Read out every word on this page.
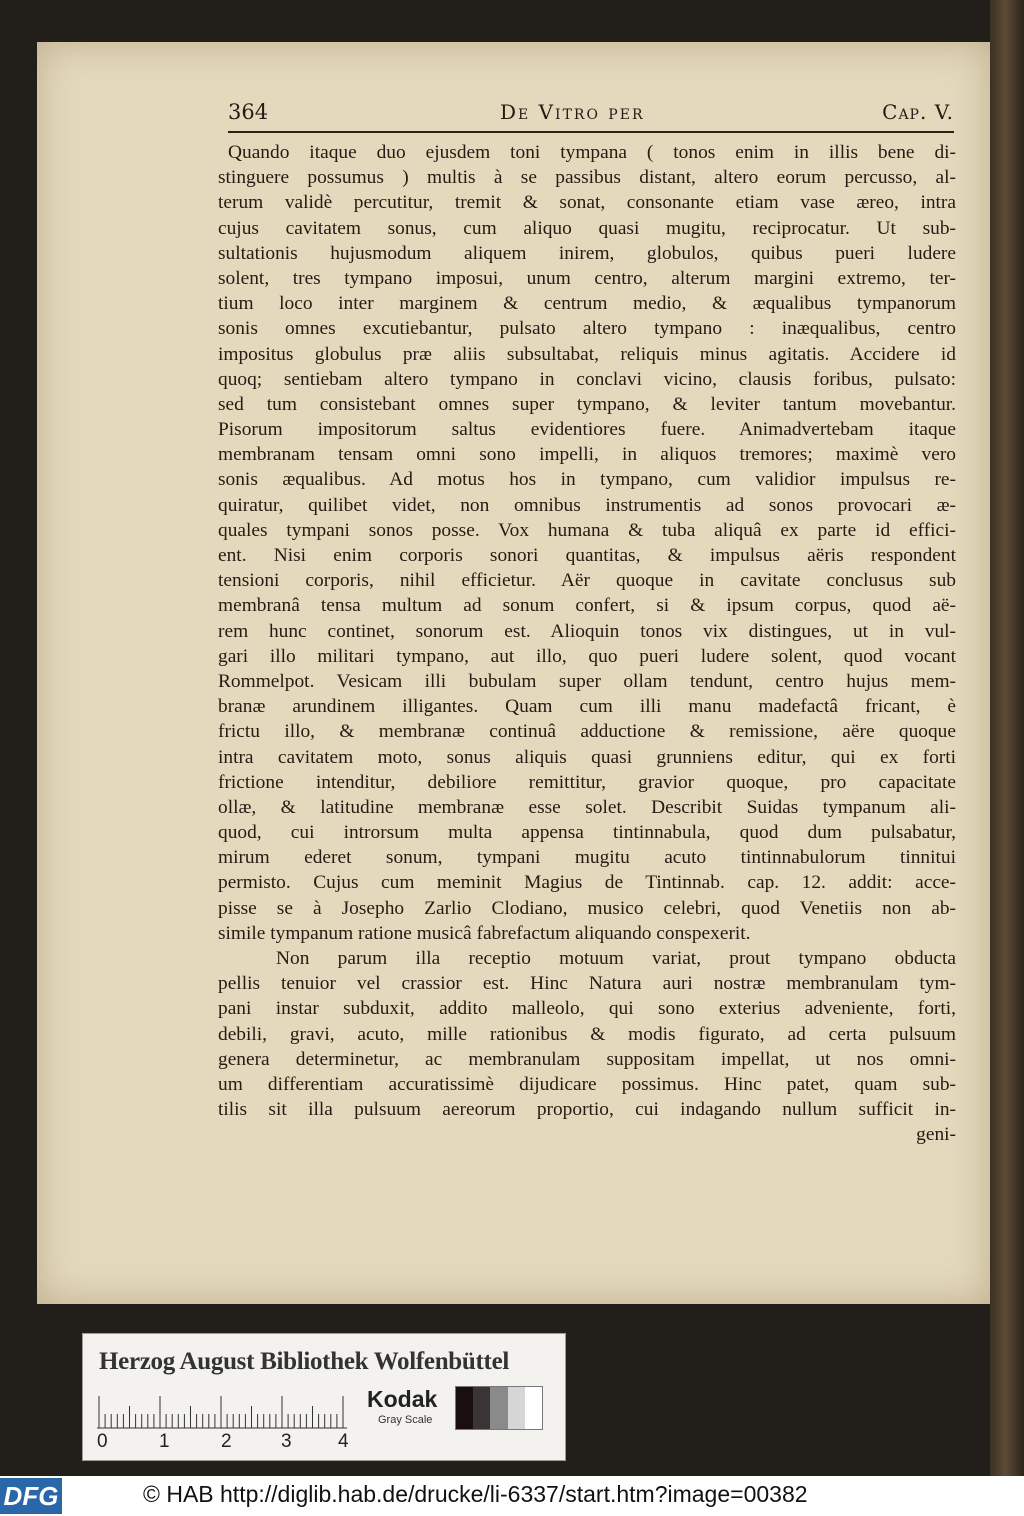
364	De Vitro per	Cap. V.
Quando itaque duo ejusdem toni tympana ( tonos enim in illis bene di-
stinguere possumus ) multis à se passibus distant, altero eorum percusso, al-
terum validè percutitur, tremit & sonat, consonante etiam vase æreo, intra
cujus cavitatem sonus, cum aliquo quasi mugitu, reciprocatur. Ut sub-
sultationis hujusmodum aliquem inirem, globulos, quibus pueri ludere
solent, tres tympano imposui, unum centro, alterum margini extremo, ter-
tium loco inter marginem & centrum medio, & æqualibus tympanorum
sonis omnes excutiebantur, pulsato altero tympano : inæqualibus, centro
impositus globulus præ aliis subsultabat, reliquis minus agitatis. Accidere id
quoq; sentiebam altero tympano in conclavi vicino, clausis foribus, pulsato:
sed tum consistebant omnes super tympano, & leviter tantum movebantur.
Pisorum impositorum saltus evidentiores fuere. Animadvertebam itaque
membranam tensam omni sono impelli, in aliquos tremores; maximè vero
sonis æqualibus. Ad motus hos in tympano, cum validior impulsus re-
quiratur, quilibet videt, non omnibus instrumentis ad sonos provocari æ-
quales tympani sonos posse. Vox humana & tuba aliquâ ex parte id effici-
ent. Nisi enim corporis sonori quantitas, & impulsus aëris respondent
tensioni corporis, nihil efficietur. Aër quoque in cavitate conclusus sub
membranâ tensa multum ad sonum confert, si & ipsum corpus, quod aë-
rem hunc continet, sonorum est. Alioquin tonos vix distingues, ut in vul-
gari illo militari tympano, aut illo, quo pueri ludere solent, quod vocant
Rommelpot. Vesicam illi bubulam super ollam tendunt, centro hujus mem-
branæ arundinem illigantes. Quam cum illi manu madefactâ fricant, è
frictu illo, & membranæ continuâ adductione & remissione, aëre quoque
intra cavitatem moto, sonus aliquis quasi grunniens editur, qui ex forti
frictione intenditur, debiliore remittitur, gravior quoque, pro capacitate
ollæ, & latitudine membranæ esse solet. Describit Suidas tympanum ali-
quod, cui introrsum multa appensa tintinnabula, quod dum pulsabatur,
mirum ederet sonum, tympani mugitu acuto tintinnabulorum tinnitui
permisto. Cujus cum meminit Magius de Tintinnab. cap. 12. addit: acce-
pisse se à Josepho Zarlio Clodiano, musico celebri, quod Venetiis non ab-
simile tympanum ratione musicâ fabrefactum aliquando conspexerit.
Non parum illa receptio motuum variat, prout tympano obducta
pellis tenuior vel crassior est. Hinc Natura auri nostræ membranulam tym-
pani instar subduxit, addito malleolo, qui sono exterius adveniente, forti,
debili, gravi, acuto, mille rationibus & modis figurato, ad certa pulsuum
genera determinetur, ac membranulam suppositam impellat, ut nos omni-
um differentiam accuratissimè dijudicare possimus. Hinc patet, quam sub-
tilis sit illa pulsuum aereorum proportio, cui indagando nullum sufficit in-
geni-
Herzog August Bibliothek Wolfenbüttel
0	1	2	3 4
Kodak
Gray Scale
DFG	© HAB http://diglib.hab.de/drucke/li-6337/start.htm?image=00382
